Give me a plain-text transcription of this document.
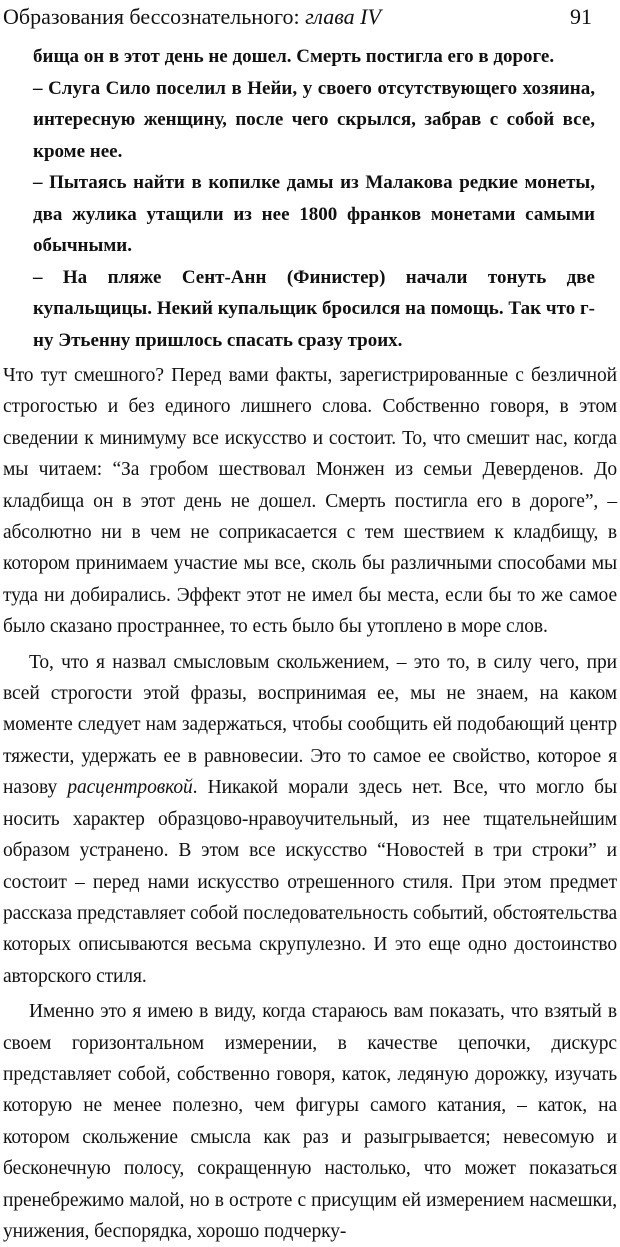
Образования бессознательного: глава IV	91

бища он в этот день не дошел. Смерть постигла его в дороге.

– Слуга Сило поселил в Нейи, у своего отсутствующего хозяина, интересную женщину, после чего скрылся, забрав с собой все, кроме нее.

– Пытаясь найти в копилке дамы из Малакова редкие монеты, два жулика утащили из нее 1800 франков монетами самыми обычными.

– На пляже Сент-Анн (Финистер) начали тонуть две купальщицы. Некий купальщик бросился на помощь. Так что г-ну Этьенну пришлось спасать сразу троих.

Что тут смешного? Перед вами факты, зарегистрированные с безличной строгостью и без единого лишнего слова. Собственно говоря, в этом сведении к минимуму все искусство и состоит. То, что смешит нас, когда мы читаем: “За гробом шествовал Монжен из семьи Деверденов. До кладбища он в этот день не дошел. Смерть постигла его в дороге”, – абсолютно ни в чем не соприкасается с тем шествием к кладбищу, в котором принимаем участие мы все, сколь бы различными способами мы туда ни добирались. Эффект этот не имел бы места, если бы то же самое было сказано пространнее, то есть было бы утоплено в море слов.

То, что я назвал смысловым скольжением, – это то, в силу чего, при всей строгости этой фразы, воспринимая ее, мы не знаем, на каком моменте следует нам задержаться, чтобы сообщить ей подобающий центр тяжести, удержать ее в равновесии. Это то самое ее свойство, которое я назову расцентровкой. Никакой морали здесь нет. Все, что могло бы носить характер образцово-нравоучительный, из нее тщательнейшим образом устранено. В этом все искусство “Новостей в три строки” и состоит – перед нами искусство отрешенного стиля. При этом предмет рассказа представляет собой последовательность событий, обстоятельства которых описываются весьма скрупулезно. И это еще одно достоинство авторского стиля.

Именно это я имею в виду, когда стараюсь вам показать, что взятый в своем горизонтальном измерении, в качестве цепочки, дискурс представляет собой, собственно говоря, каток, ледяную дорожку, изучать которую не менее полезно, чем фигуры самого катания, – каток, на котором скольжение смысла как раз и разыгрывается; невесомую и бесконечную полосу, сокращенную настолько, что может показаться пренебрежимо малой, но в остроте с присущим ей измерением насмешки, унижения, беспорядка, хорошо подчерку-
